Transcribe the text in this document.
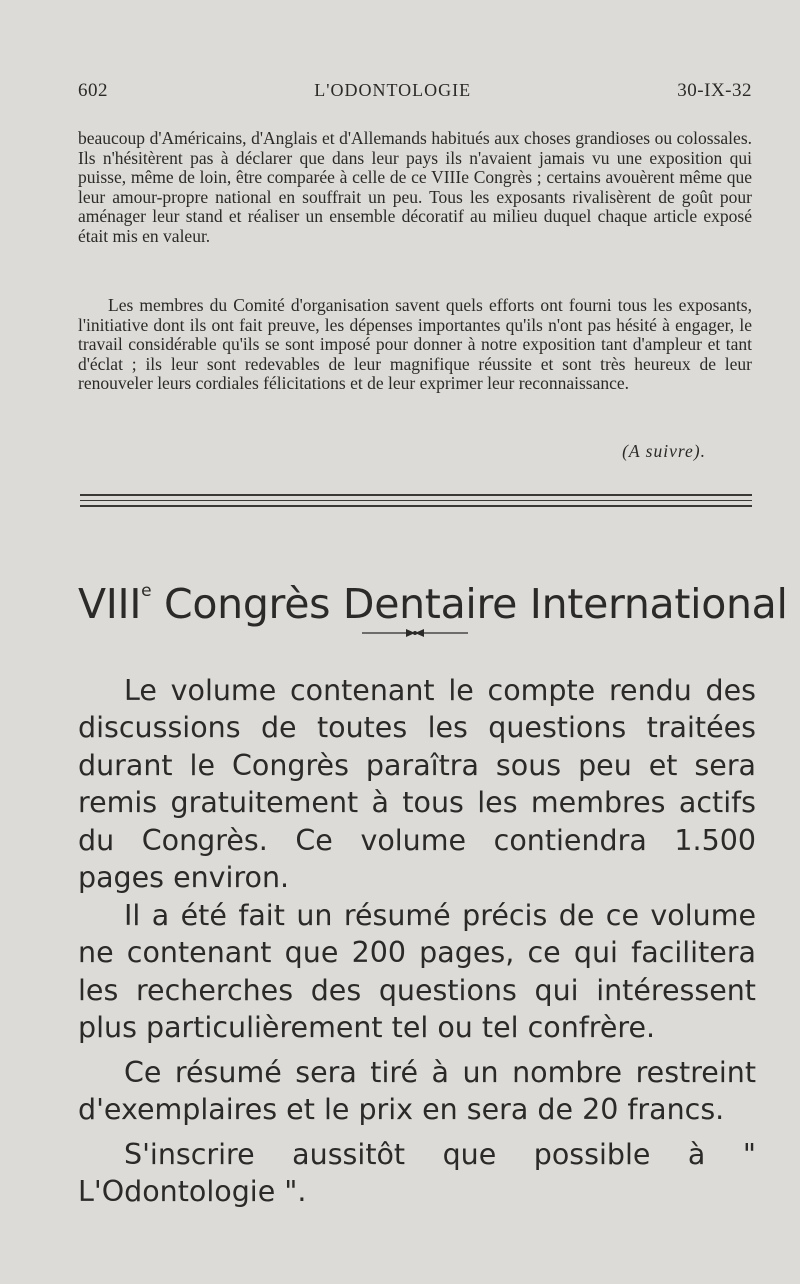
602	L'ODONTOLOGIE	30-IX-32

beaucoup d'Américains, d'Anglais et d'Allemands habitués aux choses grandioses ou colossales. Ils n'hésitèrent pas à déclarer que dans leur pays ils n'avaient jamais vu une exposition qui puisse, même de loin, être comparée à celle de ce VIIIe Congrès ; certains avouèrent même que leur amour-propre national en souffrait un peu. Tous les exposants rivalisèrent de goût pour aménager leur stand et réaliser un ensemble décoratif au milieu duquel chaque article exposé était mis en valeur.

Les membres du Comité d'organisation savent quels efforts ont fourni tous les exposants, l'initiative dont ils ont fait preuve, les dépenses importantes qu'ils n'ont pas hésité à engager, le travail considérable qu'ils se sont imposé pour donner à notre exposition tant d'ampleur et tant d'éclat ; ils leur sont redevables de leur magnifique réussite et sont très heureux de leur renouveler leurs cordiales félicitations et de leur exprimer leur reconnaissance.

(A suivre).
VIIIe Congrès Dentaire International

Le volume contenant le compte rendu des discussions de toutes les questions traitées durant le Congrès paraîtra sous peu et sera remis gratuitement à tous les membres actifs du Congrès. Ce volume contiendra 1.500 pages environ.

Il a été fait un résumé précis de ce volume ne contenant que 200 pages, ce qui facilitera les recherches des questions qui intéressent plus particulièrement tel ou tel confrère.

Ce résumé sera tiré à un nombre restreint d'exemplaires et le prix en sera de 20 francs.

S'inscrire aussitôt que possible à " L'Odontologie ".
